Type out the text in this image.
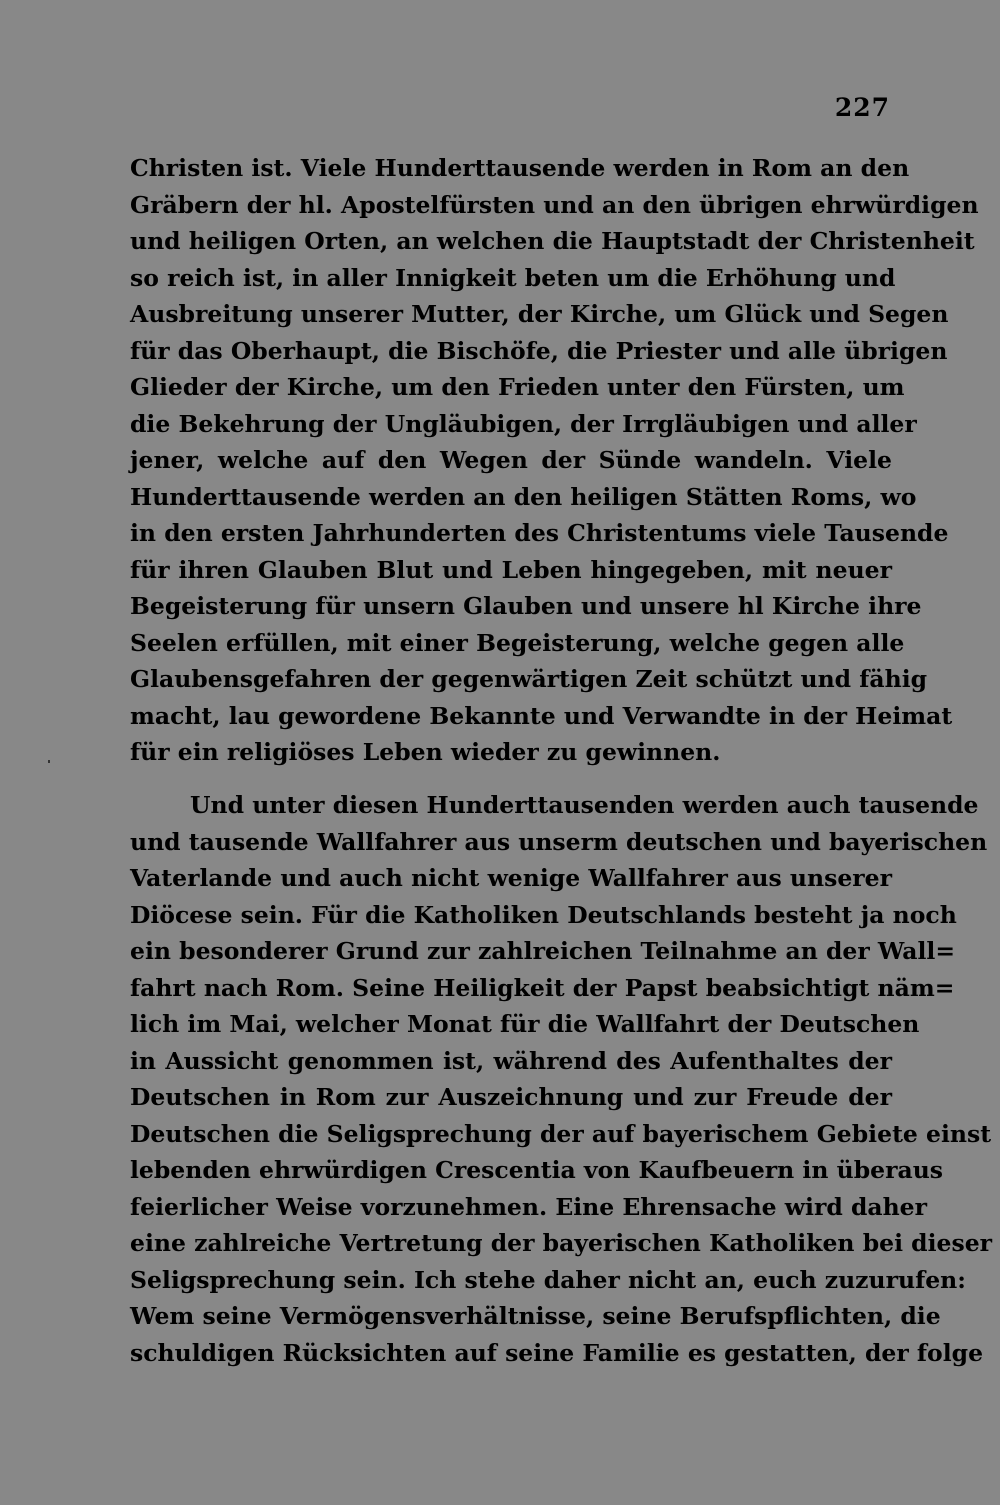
227
Christen ist. Viele Hunderttausende werden in Rom an den
Gräbern der hl. Apostelfürsten und an den übrigen ehrwürdigen
und heiligen Orten, an welchen die Hauptstadt der Christenheit
so reich ist, in aller Innigkeit beten um die Erhöhung und
Ausbreitung unserer Mutter, der Kirche, um Glück und Segen
für das Oberhaupt, die Bischöfe, die Priester und alle übrigen
Glieder der Kirche, um den Frieden unter den Fürsten, um
die Bekehrung der Ungläubigen, der Irrgläubigen und aller
jener, welche auf den Wegen der Sünde wandeln. Viele
Hunderttausende werden an den heiligen Stätten Roms, wo
in den ersten Jahrhunderten des Christentums viele Tausende
für ihren Glauben Blut und Leben hingegeben, mit neuer
Begeisterung für unsern Glauben und unsere hl Kirche ihre
Seelen erfüllen, mit einer Begeisterung, welche gegen alle
Glaubensgefahren der gegenwärtigen Zeit schützt und fähig
macht, lau gewordene Bekannte und Verwandte in der Heimat
für ein religiöses Leben wieder zu gewinnen.
Und unter diesen Hunderttausenden werden auch tausende
und tausende Wallfahrer aus unserm deutschen und bayerischen
Vaterlande und auch nicht wenige Wallfahrer aus unserer
Diöcese sein. Für die Katholiken Deutschlands besteht ja noch
ein besonderer Grund zur zahlreichen Teilnahme an der Wall=
fahrt nach Rom. Seine Heiligkeit der Papst beabsichtigt näm=
lich im Mai, welcher Monat für die Wallfahrt der Deutschen
in Aussicht genommen ist, während des Aufenthaltes der
Deutschen in Rom zur Auszeichnung und zur Freude der
Deutschen die Seligsprechung der auf bayerischem Gebiete einst
lebenden ehrwürdigen Crescentia von Kaufbeuern in überaus
feierlicher Weise vorzunehmen. Eine Ehrensache wird daher
eine zahlreiche Vertretung der bayerischen Katholiken bei dieser
Seligsprechung sein. Ich stehe daher nicht an, euch zuzurufen:
Wem seine Vermögensverhältnisse, seine Berufspflichten, die
schuldigen Rücksichten auf seine Familie es gestatten, der folge
